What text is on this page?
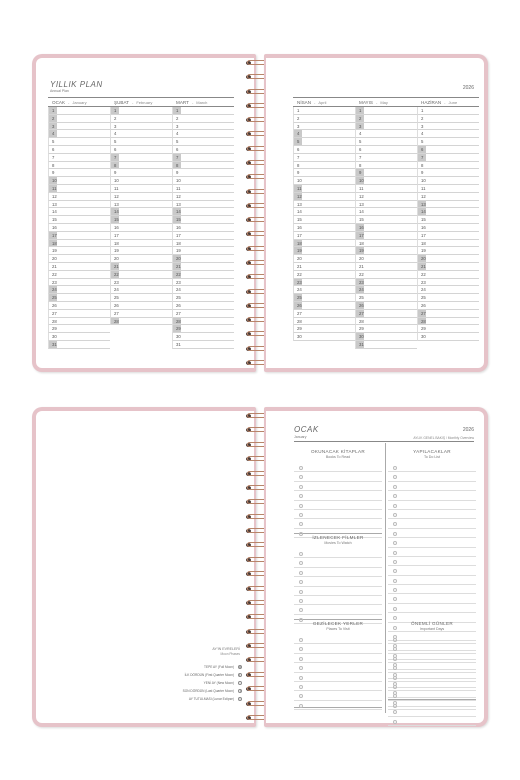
YILLIK PLAN
Annual Plan
OCAK - January
1
2
3
4
5
6
7
8
9
10
11
12
13
14
15
16
17
18
19
20
21
22
23
24
25
26
27
28
29
30
31
ŞUBAT - February
1
2
3
4
5
6
7
8
9
10
11
12
13
14
15
16
17
18
19
20
21
22
23
24
25
26
27
28
MART - March
1
2
3
4
5
6
7
8
9
10
11
12
13
14
15
16
17
18
19
20
21
22
23
24
25
26
27
28
29
30
31
2026
NİSAN - April
1
2
3
4
5
6
7
8
9
10
11
12
13
14
15
16
17
18
19
20
21
22
23
24
25
26
27
28
29
30
MAYIS - May
1
2
3
4
5
6
7
8
9
10
11
12
13
14
15
16
17
18
19
20
21
22
23
24
25
26
27
28
29
30
31
HAZİRAN - June
1
2
3
4
5
6
7
8
9
10
11
12
13
14
15
16
17
18
19
20
21
22
23
24
25
26
27
28
29
30
AY'IN EVRELERİ
Moon Phases
TEPE AY (Full Moon)
İLK DÖRDÜN (First Quarter Moon)
YENİ AY (New Moon)
SON DÖRDÜN (Last Quarter Moon)
AY TUTULMASI (Lunar Eclipse)
OCAK
January
2026
AYLIK GENEL BAKIŞ / Monthly Overview
OKUNACAK KİTAPLAR
Books To Read
YAPILACAKLAR
To Do List
İZLENECEK FİLMLER
Movies To Watch
GEZİLECEK YERLER
Places To Visit
ÖNEMLİ GÜNLER
Important Days
